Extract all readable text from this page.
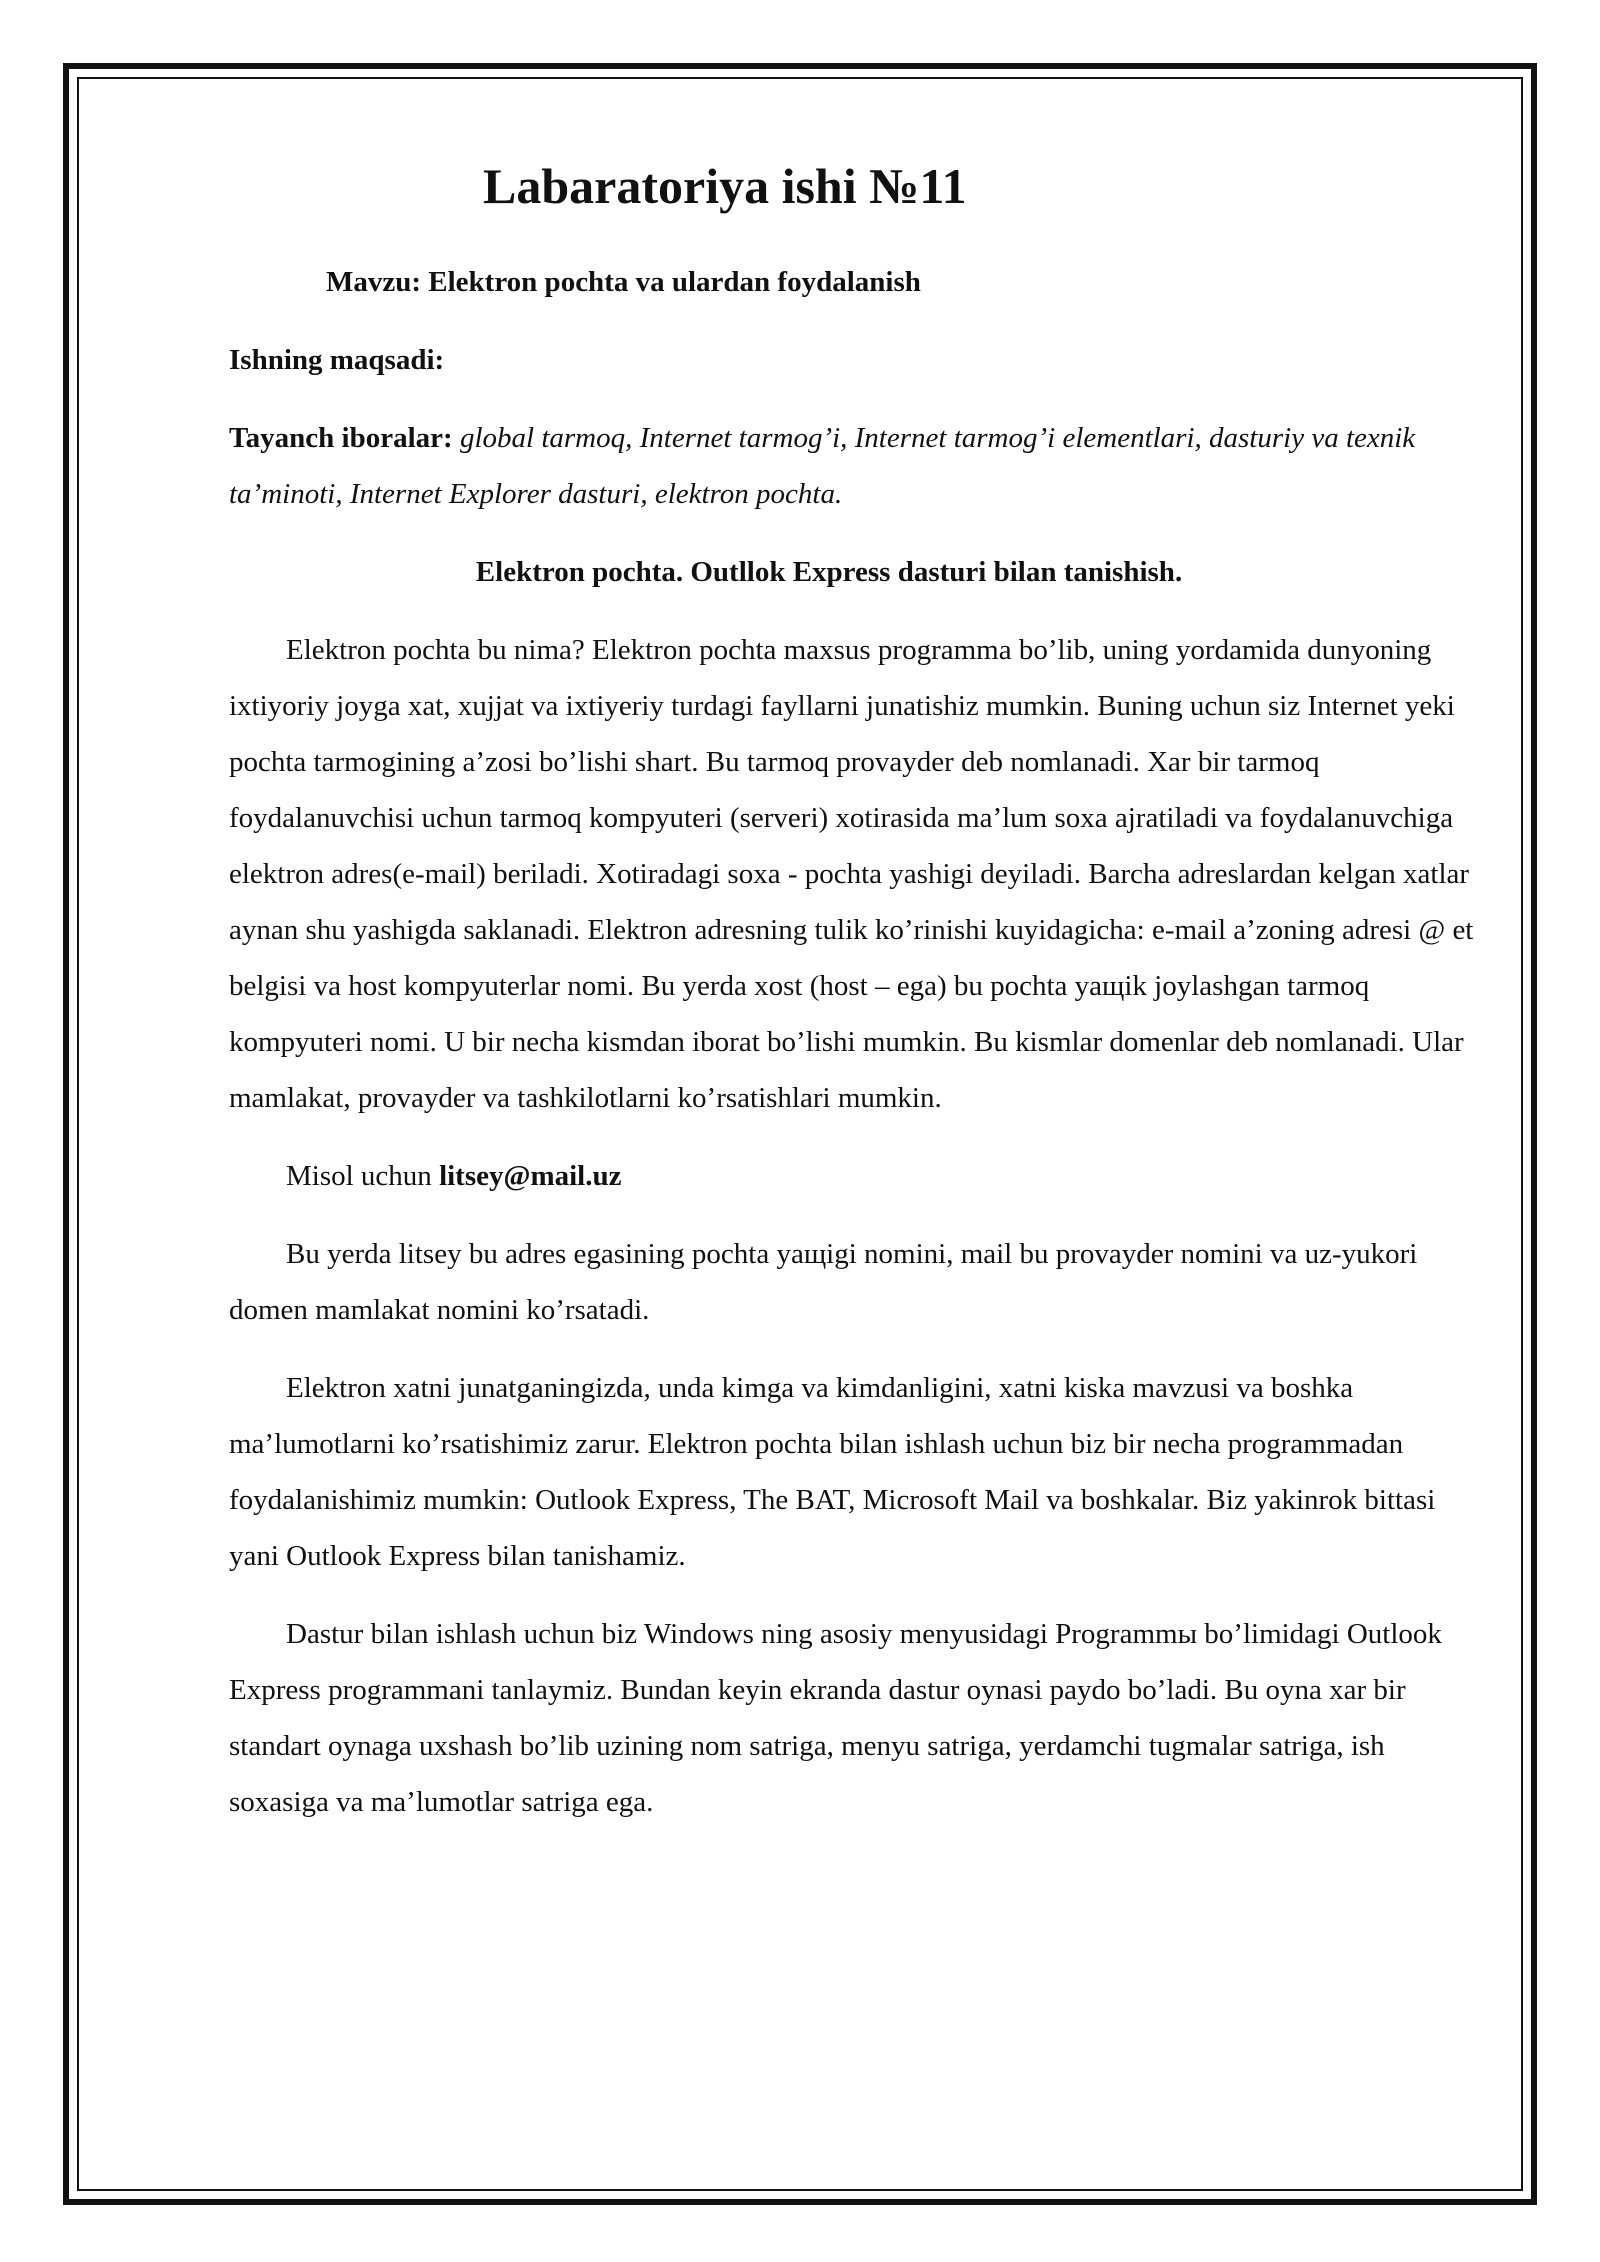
Labaratoriya ishi №11
Mavzu: Elektron pochta va ulardan foydalanish
Ishning maqsadi:
Tayanch iboralar: global tarmoq, Internet tarmog’i, Internet tarmog’i elementlari, dasturiy va texnik ta’minoti, Internet Explorer dasturi, elektron pochta.
Elektron pochta. Outllok Express dasturi bilan tanishish.

Elektron pochta bu nima? Elektron pochta maxsus programma bo’lib, uning yordamida dunyoning ixtiyoriy joyga xat, xujjat va ixtiyeriy turdagi fayllarni junatishiz mumkin. Buning uchun siz Internet yeki pochta tarmogining a’zosi bo’lishi shart. Bu tarmoq provayder deb nomlanadi. Xar bir tarmoq foydalanuvchisi uchun tarmoq kompyuteri (serveri) xotirasida ma’lum soxa ajratiladi va foydalanuvchiga elektron adres(e-mail) beriladi. Xotiradagi soxa - pochta yashigi deyiladi. Barcha adreslardan kelgan xatlar aynan shu yashigda saklanadi. Elektron adresning tulik ko’rinishi kuyidagicha: e-mail a’zoning adresi @ et belgisi va host kompyuterlar nomi. Bu yerda xost (host – ega) bu pochta yaщіk joylashgan tarmoq kompyuteri nomi. U bir necha kismdan iborat bo’lishi mumkin. Bu kismlar domenlar deb nomlanadi. Ular mamlakat, provayder va tashkilotlarni ko’rsatishlari mumkin.

Misol uchun litsey@mail.uz

Bu yerda litsey bu adres egasining pochta yaщіgi nomini, mail bu provayder nomini va uz-yukori domen mamlakat nomini ko’rsatadi.

Elektron xatni junatganingizda, unda kimga va kimdanligini, xatni kiska mavzusi va boshka ma’lumotlarni ko’rsatishimiz zarur. Elektron pochta bilan ishlash uchun biz bir necha programmadan foydalanishimiz mumkin: Outlook Express, The BAT, Microsoft Mail va boshkalar. Biz yakinrok bittasi yani Outlook Express bilan tanishamiz.

Dastur bilan ishlash uchun biz Windows ning asosiy menyusidagi Programmы bo’limidagi Outlook Express programmani tanlaymiz. Bundan keyin ekranda dastur oynasi paydo bo’ladi. Bu oyna xar bir standart oynaga uxshash bo’lib uzining nom satriga, menyu satriga, yerdamchi tugmalar satriga, ish soxasiga va ma’lumotlar satriga ega.
